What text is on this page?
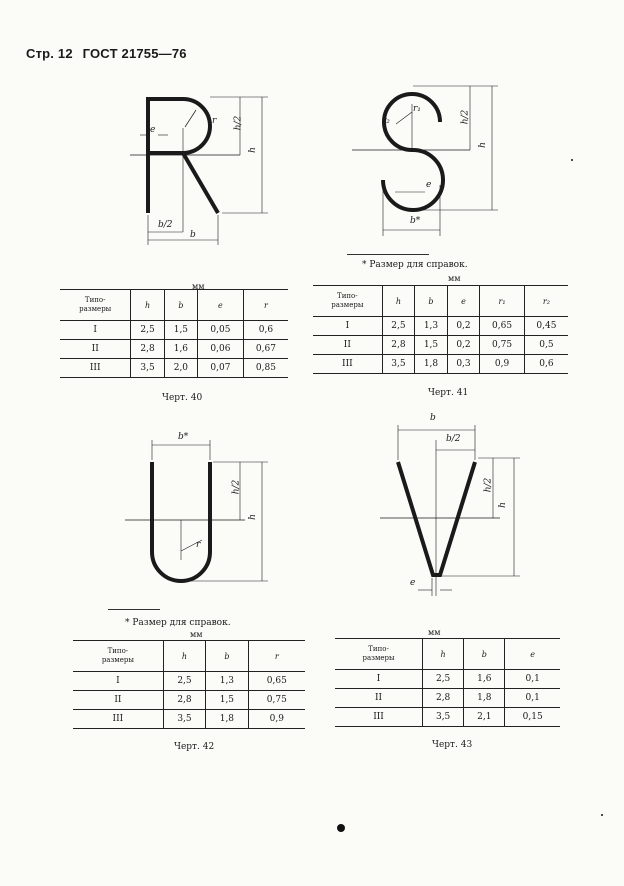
Стр. 12 ГОСТ 21755—76
r
e	h/2
h
b/2
b
r₁
r₂	h/2
h
e
b*
* Размер для справок.
b*
r
h/2
h
* Размер для справок.
b
b/2
h/2
h
e
мм
Типо-
размеры	h	b	e	r
I	2,5	1,5	0,05	0,6
II	2,8	1,6	0,06	0,67
III	3,5	2,0	0,07	0,85
Черт. 40
мм
Типо-
размеры	h	b	e	r₁	r₂
I	2,5	1,3	0,2	0,65	0,45
II	2,8	1,5	0,2	0,75	0,5
III	3,5	1,8	0,3	0,9	0,6
Черт. 41
мм
Типо-
размеры	h	b	r
I	2,5	1,3	0,65
II	2,8	1,5	0,75
III	3,5	1,8	0,9
Черт. 42
мм
Типо-
размеры	h	b	e
I	2,5	1,6	0,1
II	2,8	1,8	0,1
III	3,5	2,1	0,15
Черт. 43
